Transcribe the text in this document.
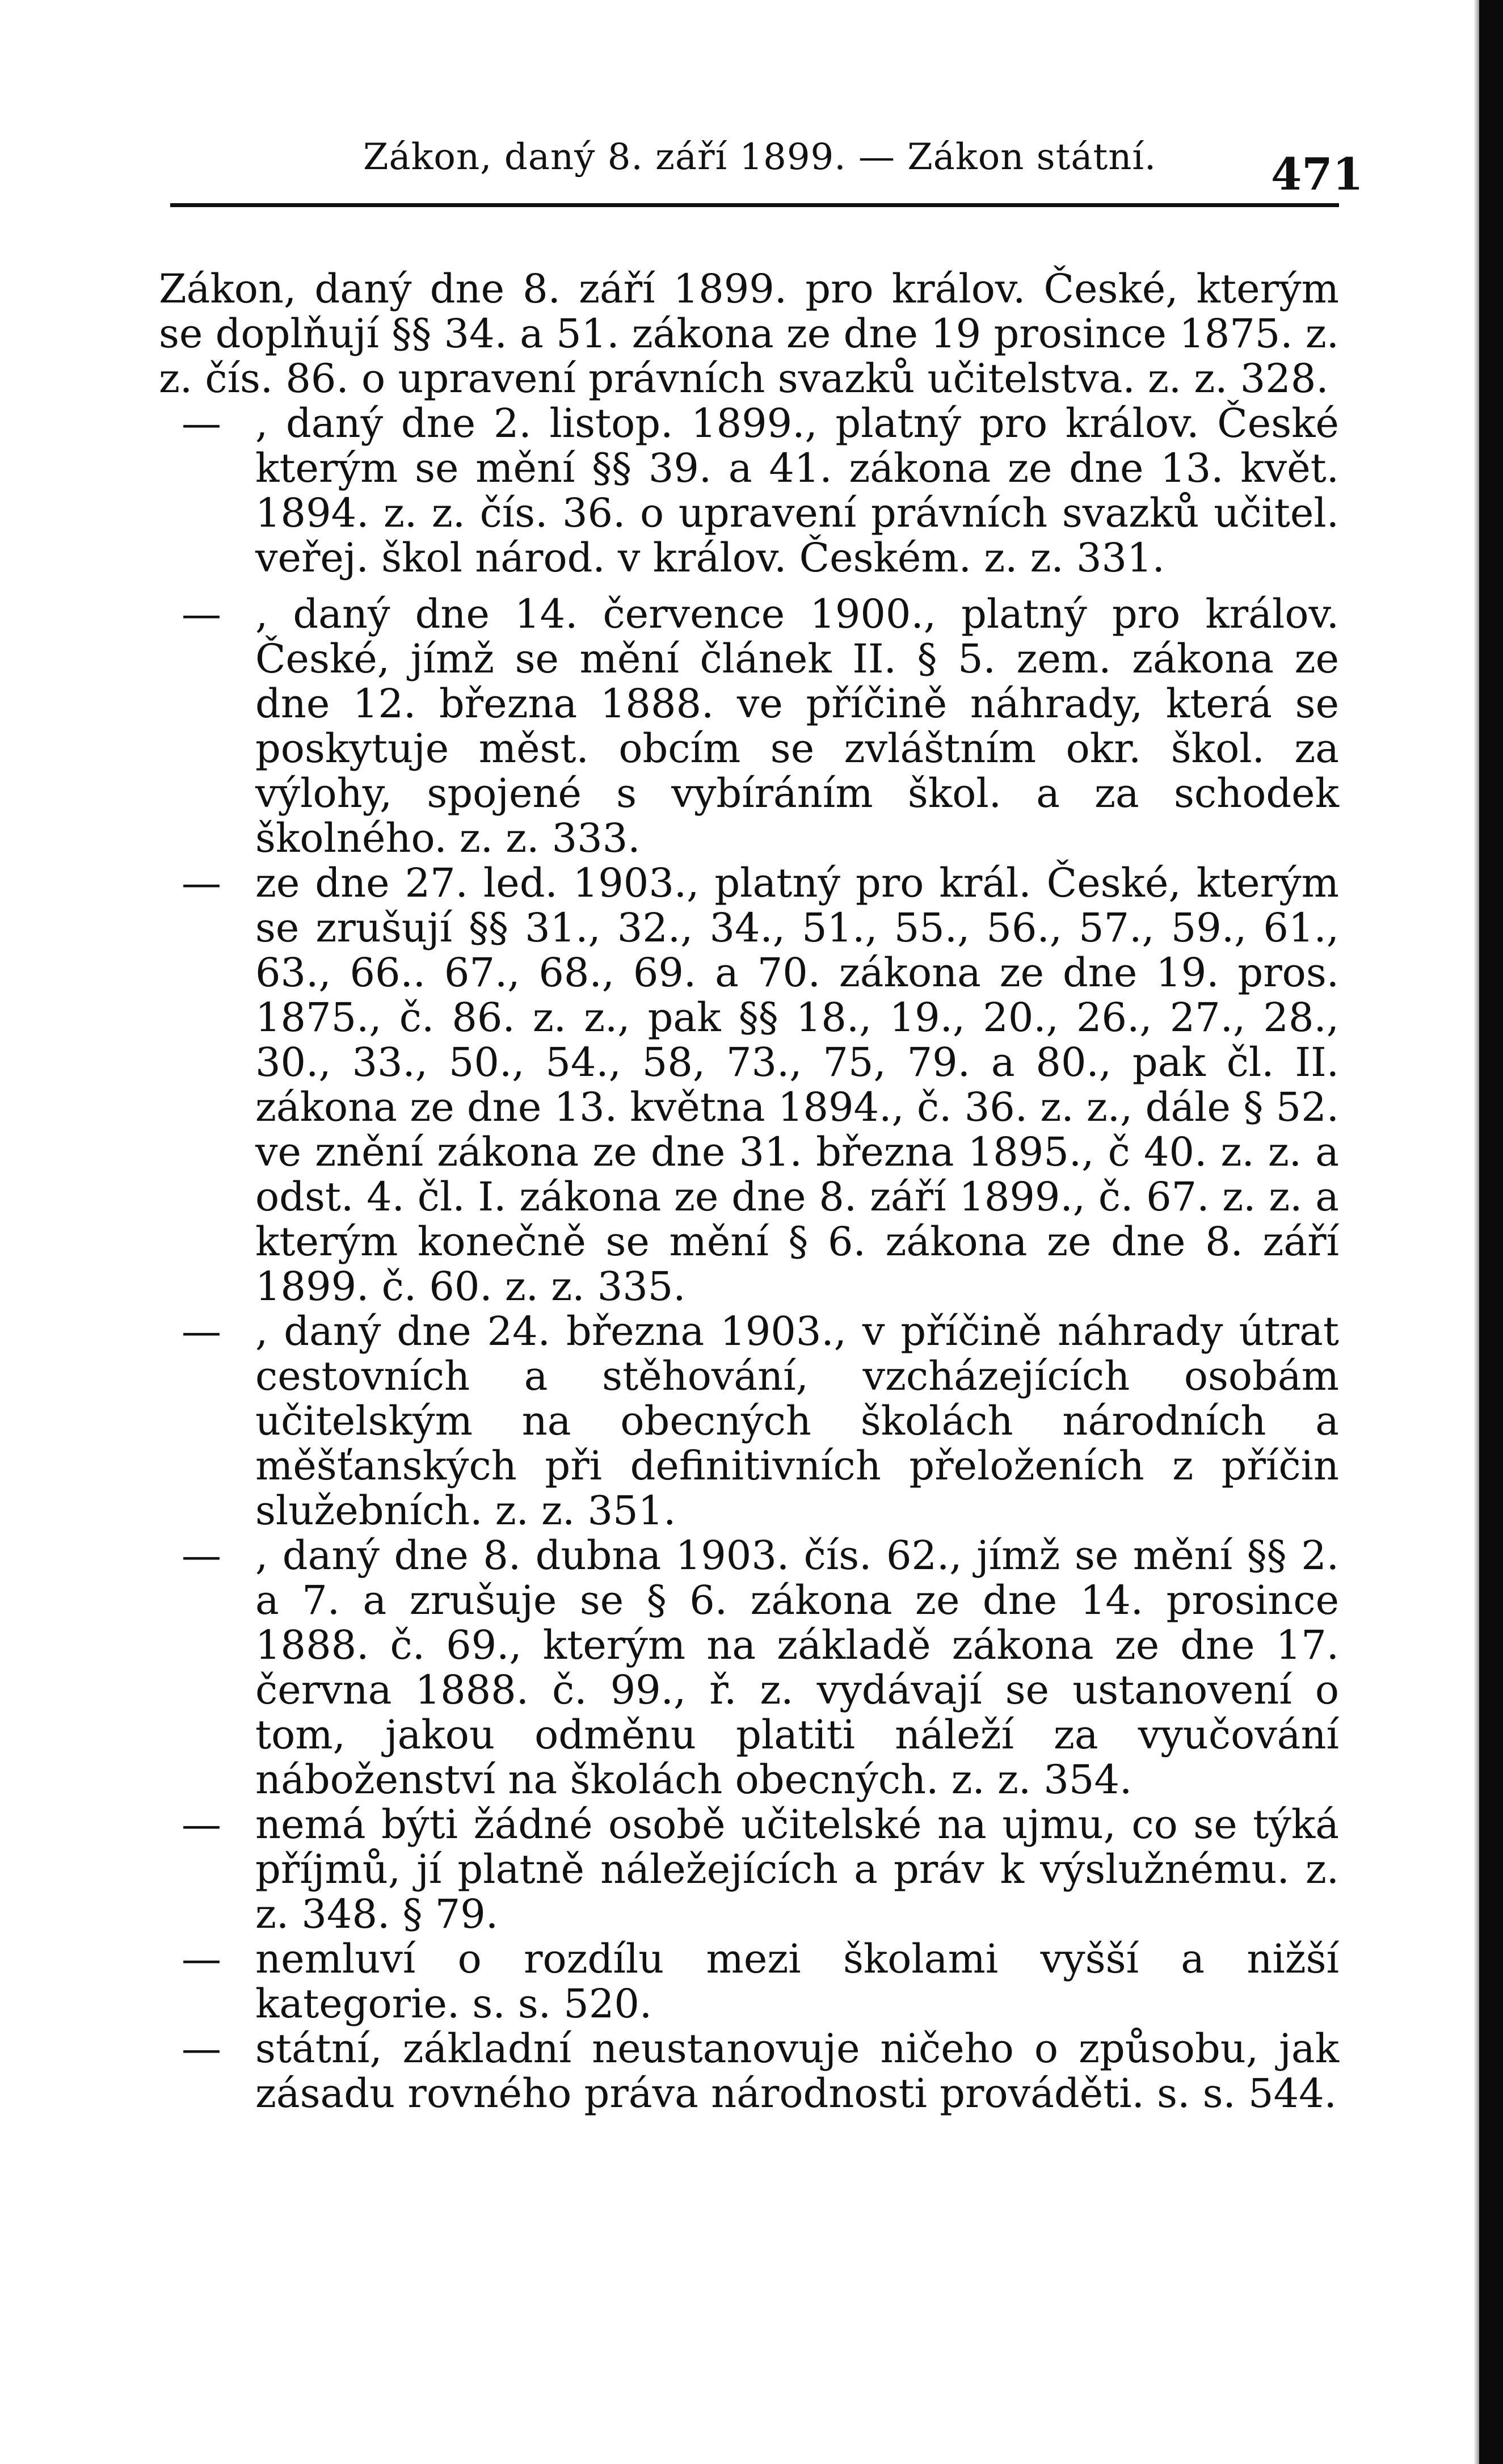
Zákon, daný 8. září 1899. — Zákon státní.	471
Zákon, daný dne 8. září 1899. pro králov. České, kterým se doplňují §§ 34. a 51. zákona ze dne 19 prosince 1875. z. z. čís. 86. o upravení právních svazků učitelstva. z. z. 328.
— , daný dne 2. listop. 1899., platný pro králov. České kterým se mění §§ 39. a 41. zákona ze dne 13. květ. 1894. z. z. čís. 36. o upravení právních svazků učitel. veřej. škol národ. v králov. Českém. z. z. 331.
— , daný dne 14. července 1900., platný pro králov. České, jímž se mění článek II. § 5. zem. zákona ze dne 12. března 1888. ve příčině náhrady, která se poskytuje měst. obcím se zvláštním okr. škol. za výlohy, spojené s vybíráním škol. a za schodek školného. z. z. 333.
— ze dne 27. led. 1903., platný pro král. České, kterým se zrušují §§ 31., 32., 34., 51., 55., 56., 57., 59., 61., 63., 66.. 67., 68., 69. a 70. zákona ze dne 19. pros. 1875., č. 86. z. z., pak §§ 18., 19., 20., 26., 27., 28., 30., 33., 50., 54., 58, 73., 75, 79. a 80., pak čl. II. zákona ze dne 13. května 1894., č. 36. z. z., dále § 52. ve znění zákona ze dne 31. března 1895., č 40. z. z. a odst. 4. čl. I. zákona ze dne 8. září 1899., č. 67. z. z. a kterým konečně se mění § 6. zákona ze dne 8. září 1899. č. 60. z. z. 335.
— , daný dne 24. března 1903., v příčině náhrady útrat cestovních a stěhování, vzcházejících osobám učitelským na obecných školách národních a měšťanských při definitivních přeloženích z příčin služebních. z. z. 351.
— , daný dne 8. dubna 1903. čís. 62., jímž se mění §§ 2. a 7. a zrušuje se § 6. zákona ze dne 14. prosince 1888. č. 69., kterým na základě zákona ze dne 17. června 1888. č. 99., ř. z. vydávají se ustanovení o tom, jakou odměnu platiti náleží za vyučování náboženství na školách obecných. z. z. 354.
— nemá býti žádné osobě učitelské na ujmu, co se týká příjmů, jí platně náležejících a práv k výslužnému. z. z. 348. § 79.
— nemluví o rozdílu mezi školami vyšší a nižší kategorie. s. s. 520.
— státní, základní neustanovuje ničeho o způsobu, jak zásadu rovného práva národnosti prováděti. s. s. 544.
